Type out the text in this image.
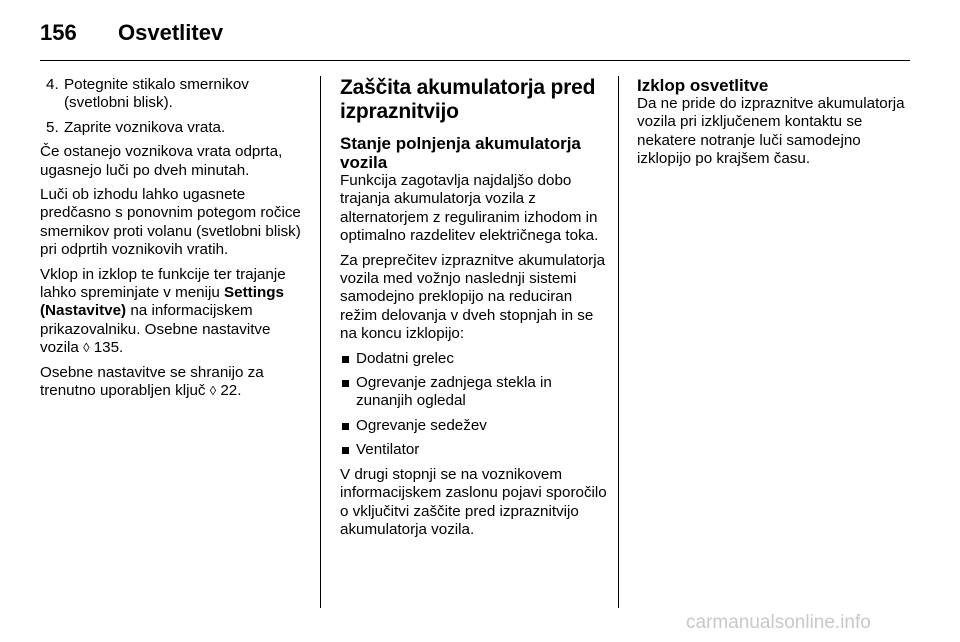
156 Osvetlitev
4. Potegnite stikalo smernikov (svetlobni blisk).
5. Zaprite voznikova vrata.

Če ostanejo voznikova vrata odprta, ugasnejo luči po dveh minutah.

Luči ob izhodu lahko ugasnete predčasno s ponovnim potegom ročice smernikov proti volanu (svetlobni blisk) pri odprtih voznikovih vratih.

Vklop in izklop te funkcije ter trajanje lahko spreminjate v meniju Settings (Nastavitve) na informacijskem prikazovalniku. Osebne nastavitve vozila ◊ 135.

Osebne nastavitve se shranijo za trenutno uporabljen ključ ◊ 22.

Zaščita akumulatorja pred izpraznitvijo
Stanje polnjenja akumulatorja vozila

Funkcija zagotavlja najdaljšo dobo trajanja akumulatorja vozila z alternatorjem z reguliranim izhodom in optimalno razdelitev električnega toka.

Za preprečitev izpraznitve akumulatorja vozila med vožnjo naslednji sistemi samodejno preklopijo na reduciran režim delovanja v dveh stopnjah in se na koncu izklopijo:

Dodatni grelec
Ogrevanje zadnjega stekla in zunanjih ogledal
Ogrevanje sedežev
Ventilator

V drugi stopnji se na voznikovem informacijskem zaslonu pojavi sporočilo o vključitvi zaščite pred izpraznitvijo akumulatorja vozila.

Izklop osvetlitve

Da ne pride do izpraznitve akumulatorja vozila pri izključenem kontaktu se nekatere notranje luči samodejno izklopijo po krajšem času.

carmanualsonline.info
